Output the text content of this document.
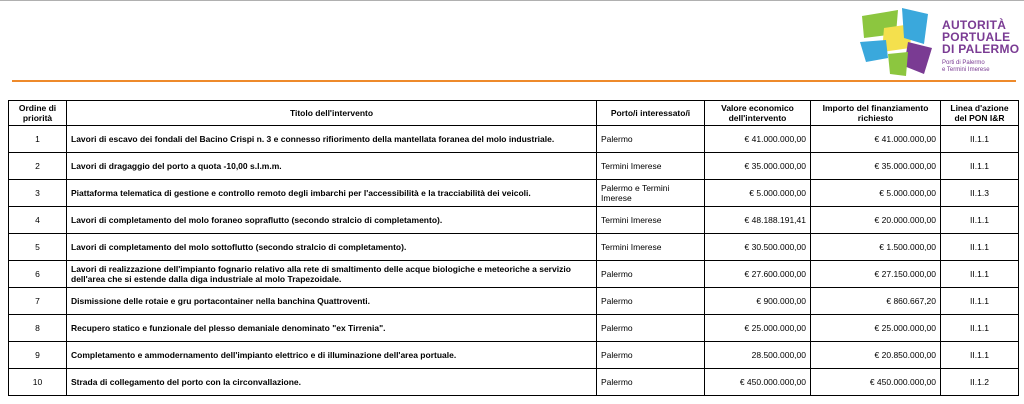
AUTORITÀ
PORTUALE
DI PALERMO
Porti di Palermo
e Termini Imerese
Ordine di priorità	Titolo dell'intervento	Porto/i interessato/i	Valore economico dell'intervento	Importo del finanziamento richiesto	Linea d'azione del PON I&R
1	Lavori di escavo dei fondali del Bacino Crispi n. 3 e connesso rifiorimento della mantellata foranea del molo industriale.	Palermo	€ 41.000.000,00	€ 41.000.000,00	II.1.1
2	Lavori di dragaggio del porto a quota -10,00 s.l.m.m.	Termini Imerese	€ 35.000.000,00	€ 35.000.000,00	II.1.1
3	Piattaforma telematica di gestione e controllo remoto degli imbarchi per l'accessibilità e la tracciabilità dei veicoli.	Palermo e Termini Imerese	€ 5.000.000,00	€ 5.000.000,00	II.1.3
4	Lavori di completamento del molo foraneo sopraflutto (secondo stralcio di completamento).	Termini Imerese	€ 48.188.191,41	€ 20.000.000,00	II.1.1
5	Lavori di completamento del molo sottoflutto (secondo stralcio di completamento).	Termini Imerese	€ 30.500.000,00	€ 1.500.000,00	II.1.1
6	Lavori di realizzazione dell'impianto fognario relativo alla rete di smaltimento delle acque biologiche e meteoriche a servizio dell'area che si estende dalla diga industriale al molo Trapezoidale.	Palermo	€ 27.600.000,00	€ 27.150.000,00	II.1.1
7	Dismissione delle rotaie e gru portacontainer nella banchina Quattroventi.	Palermo	€ 900.000,00	€ 860.667,20	II.1.1
8	Recupero statico e funzionale del plesso demaniale denominato "ex Tirrenia".	Palermo	€ 25.000.000,00	€ 25.000.000,00	II.1.1
9	Completamento e ammodernamento dell'impianto elettrico e di illuminazione dell'area portuale.	Palermo	28.500.000,00	€ 20.850.000,00	II.1.1
10	Strada di collegamento del porto con la circonvallazione.	Palermo	€ 450.000.000,00	€ 450.000.000,00	II.1.2
